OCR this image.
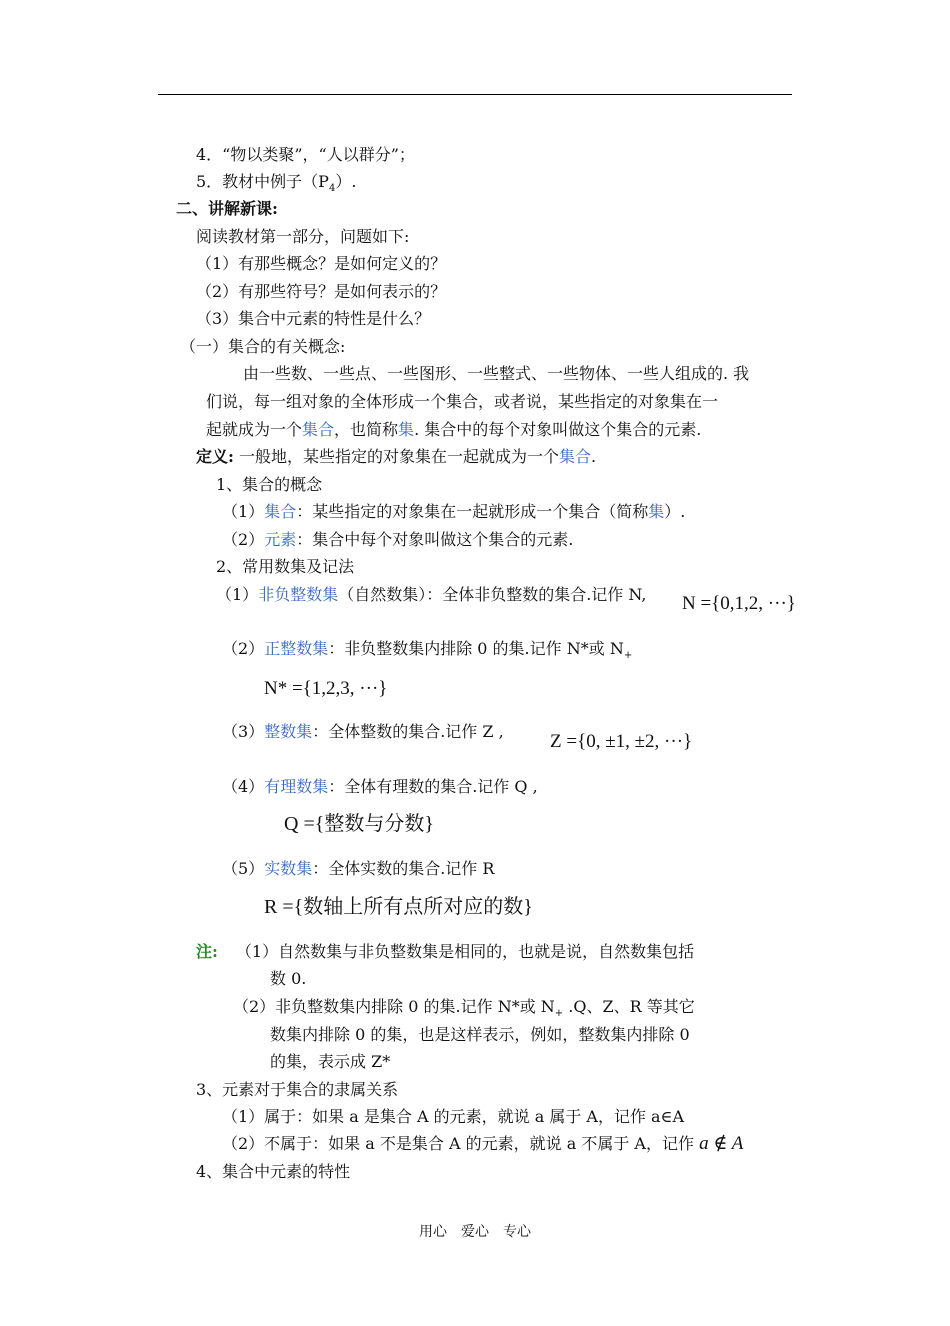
4．“物以类聚”，“人以群分”；
5．教材中例子$(P_4)$.
二、讲解新课:
阅读教材第一部分，问题如下:
（1）有那些概念？是如何定义的？
（2）有那些符号？是如何表示的？
（3）集合中元素的特性是什么？
（一）集合的有关概念:
由一些数、一些点、一些图形、一些整式、一些物体、一些人组成的. 我
们说，每一组对象的全体形成一个集合，或者说，某些指定的对象集在一
起就成为一个集合，也简称集. 集合中的每个对象叫做这个集合的元素.
定义: 一般地，某些指定的对象集在一起就成为一个集合.
1、集合的概念
（1）集合：某些指定的对象集在一起就形成一个集合（简称集）.
（2）元素：集合中每个对象叫做这个集合的元素.
2、常用数集及记法
（1）非负整数集（自然数集）：全体非负整数的集合.记作 N, N ={0,1,2, ···}
（2）正整数集：非负整数集内排除 0 的集.记作 N*或 $N_+$
N* ={1,2,3, ···}
（3）整数集：全体整数的集合.记作 Z , Z ={0, ±1, ±2, ···}
（4）有理数集：全体有理数的集合.记作 Q ,
Q ={整数与分数}
（5）实数集：全体实数的集合.记作 R
R ={数轴上所有点所对应的数}
注: （1）自然数集与非负整数集是相同的，也就是说，自然数集包括
数 0.
（2）非负整数集内排除 0 的集.记作 N*或 $N_+$ .Q、Z、R 等其它
数集内排除 0 的集，也是这样表示，例如，整数集内排除 0
的集，表示成 Z*
3、元素对于集合的隶属关系
（1）属于：如果 a 是集合 A 的元素，就说 a 属于 A，记作 a∈A
（2）不属于：如果 a 不是集合 A 的元素，就说 a 不属于 A，记作 a ∉ A
4、集合中元素的特性
用心　爱心　专心
